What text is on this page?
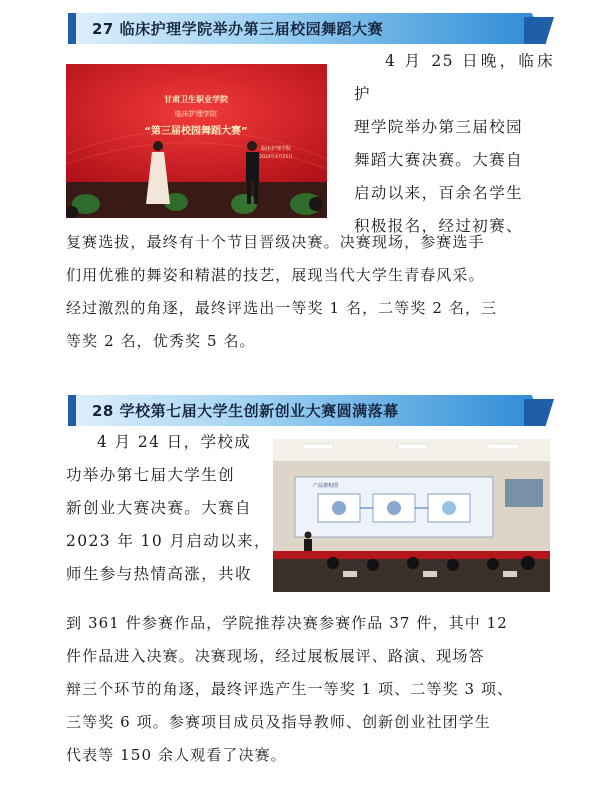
27 临床护理学院举办第三届校园舞蹈大赛
甘肃卫生职业学院
临床护理学院
“第三届校园舞蹈大赛”
临床护理学院
2024年4月25日
4 月 25 日晚，临床护
理学院举办第三届校园
舞蹈大赛决赛。大赛自
启动以来，百余名学生
积极报名，经过初赛、
复赛选拔，最终有十个节目晋级决赛。决赛现场，参赛选手
们用优雅的舞姿和精湛的技艺，展现当代大学生青春风采。
经过激烈的角逐，最终评选出一等奖 1 名，二等奖 2 名，三
等奖 2 名，优秀奖 5 名。
28 学校第七届大学生创新创业大赛圆满落幕
4 月 24 日，学校成
功举办第七届大学生创
新创业大赛决赛。大赛自
2023 年 10 月启动以来，
师生参与热情高涨，共收
产品架构图
到 361 件参赛作品，学院推荐决赛参赛作品 37 件，其中 12
件作品进入决赛。决赛现场，经过展板展评、路演、现场答
辩三个环节的角逐，最终评选产生一等奖 1 项、二等奖 3 项、
三等奖 6 项。参赛项目成员及指导教师、创新创业社团学生
代表等 150 余人观看了决赛。
